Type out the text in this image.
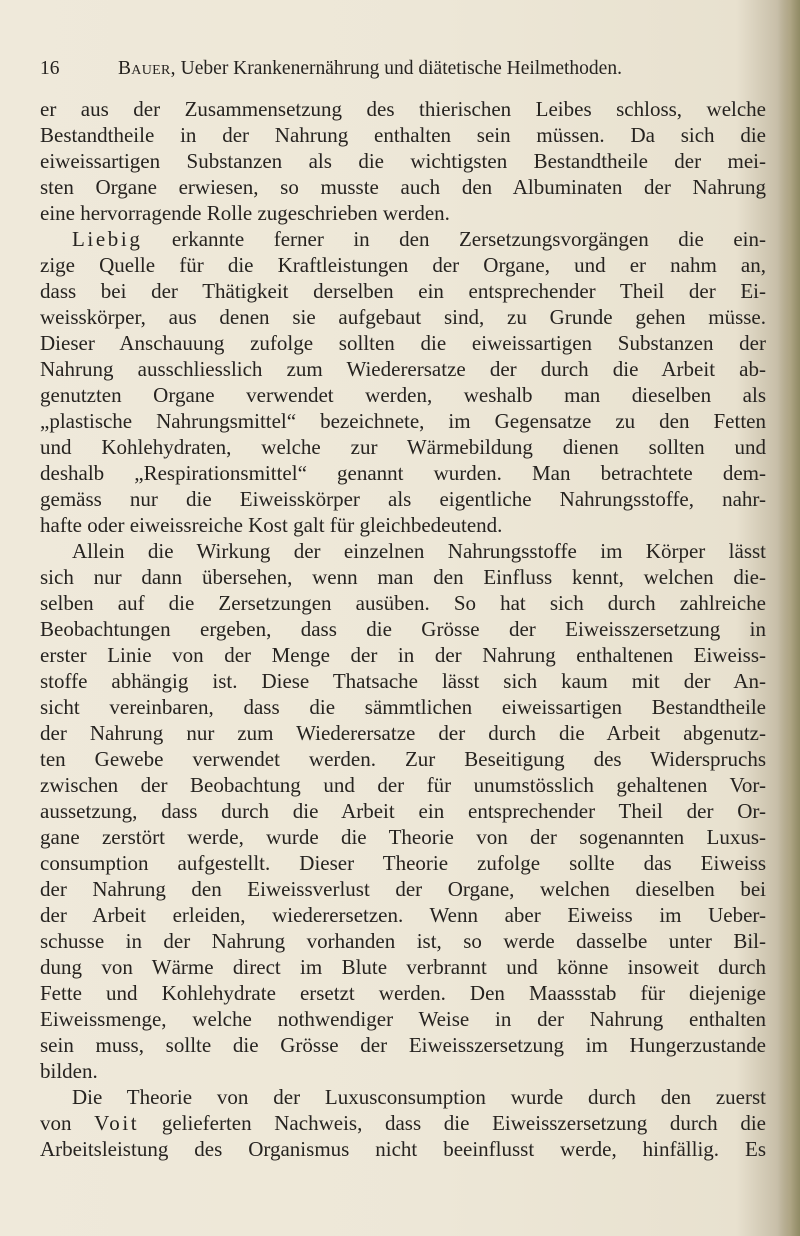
16	Bauer, Ueber Krankenernährung und diätetische Heilmethoden.
er aus der Zusammensetzung des thierischen Leibes schloss, welche
Bestandtheile in der Nahrung enthalten sein müssen. Da sich die
eiweissartigen Substanzen als die wichtigsten Bestandtheile der mei-
sten Organe erwiesen, so musste auch den Albuminaten der Nahrung
eine hervorragende Rolle zugeschrieben werden.
Liebig erkannte ferner in den Zersetzungsvorgängen die ein-
zige Quelle für die Kraftleistungen der Organe, und er nahm an,
dass bei der Thätigkeit derselben ein entsprechender Theil der Ei-
weisskörper, aus denen sie aufgebaut sind, zu Grunde gehen müsse.
Dieser Anschauung zufolge sollten die eiweissartigen Substanzen der
Nahrung ausschliesslich zum Wiederersatze der durch die Arbeit ab-
genutzten Organe verwendet werden, weshalb man dieselben als
„plastische Nahrungsmittel“ bezeichnete, im Gegensatze zu den Fetten
und Kohlehydraten, welche zur Wärmebildung dienen sollten und
deshalb „Respirationsmittel“ genannt wurden. Man betrachtete dem-
gemäss nur die Eiweisskörper als eigentliche Nahrungsstoffe, nahr-
hafte oder eiweissreiche Kost galt für gleichbedeutend.
Allein die Wirkung der einzelnen Nahrungsstoffe im Körper lässt
sich nur dann übersehen, wenn man den Einfluss kennt, welchen die-
selben auf die Zersetzungen ausüben. So hat sich durch zahlreiche
Beobachtungen ergeben, dass die Grösse der Eiweisszersetzung in
erster Linie von der Menge der in der Nahrung enthaltenen Eiweiss-
stoffe abhängig ist. Diese Thatsache lässt sich kaum mit der An-
sicht vereinbaren, dass die sämmtlichen eiweissartigen Bestandtheile
der Nahrung nur zum Wiederersatze der durch die Arbeit abgenutz-
ten Gewebe verwendet werden. Zur Beseitigung des Widerspruchs
zwischen der Beobachtung und der für unumstösslich gehaltenen Vor-
aussetzung, dass durch die Arbeit ein entsprechender Theil der Or-
gane zerstört werde, wurde die Theorie von der sogenannten Luxus-
consumption aufgestellt. Dieser Theorie zufolge sollte das Eiweiss
der Nahrung den Eiweissverlust der Organe, welchen dieselben bei
der Arbeit erleiden, wiederersetzen. Wenn aber Eiweiss im Ueber-
schusse in der Nahrung vorhanden ist, so werde dasselbe unter Bil-
dung von Wärme direct im Blute verbrannt und könne insoweit durch
Fette und Kohlehydrate ersetzt werden. Den Maassstab für diejenige
Eiweissmenge, welche nothwendiger Weise in der Nahrung enthalten
sein muss, sollte die Grösse der Eiweisszersetzung im Hungerzustande
bilden.
Die Theorie von der Luxusconsumption wurde durch den zuerst
von Voit gelieferten Nachweis, dass die Eiweisszersetzung durch die
Arbeitsleistung des Organismus nicht beeinflusst werde, hinfällig. Es
